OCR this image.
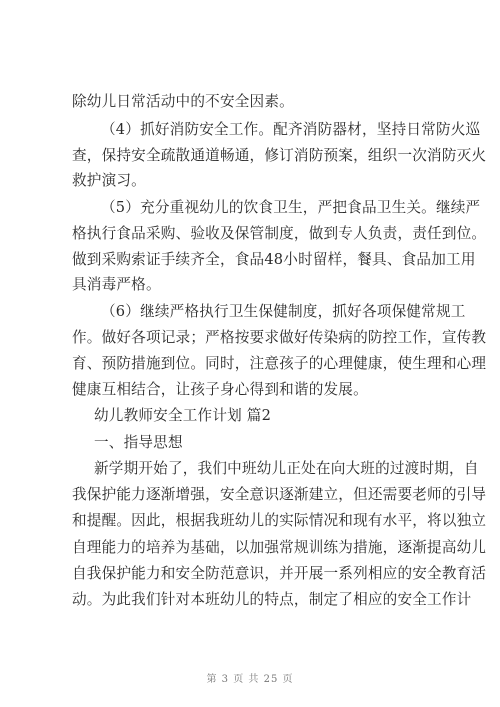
除幼儿日常活动中的不安全因素。
（4）抓好消防安全工作。配齐消防器材，坚持日常防火巡
查，保持安全疏散通道畅通，修订消防预案，组织一次消防灭火
救护演习。
（5）充分重视幼儿的饮食卫生，严把食品卫生关。继续严
格执行食品采购、验收及保管制度，做到专人负责，责任到位。
做到采购索证手续齐全，食品48小时留样，餐具、食品加工用
具消毒严格。
（6）继续严格执行卫生保健制度，抓好各项保健常规工
作。做好各项记录；严格按要求做好传染病的防控工作，宣传教
育、预防措施到位。同时，注意孩子的心理健康，使生理和心理
健康互相结合，让孩子身心得到和谐的发展。
幼儿教师安全工作计划 篇2
一、指导思想
新学期开始了，我们中班幼儿正处在向大班的过渡时期，自
我保护能力逐渐增强，安全意识逐渐建立，但还需要老师的引导
和提醒。因此，根据我班幼儿的实际情况和现有水平，将以独立
自理能力的培养为基础，以加强常规训练为措施，逐渐提高幼儿
自我保护能力和安全防范意识，并开展一系列相应的安全教育活
动。为此我们针对本班幼儿的特点，制定了相应的安全工作计
第 3 页 共 25 页
